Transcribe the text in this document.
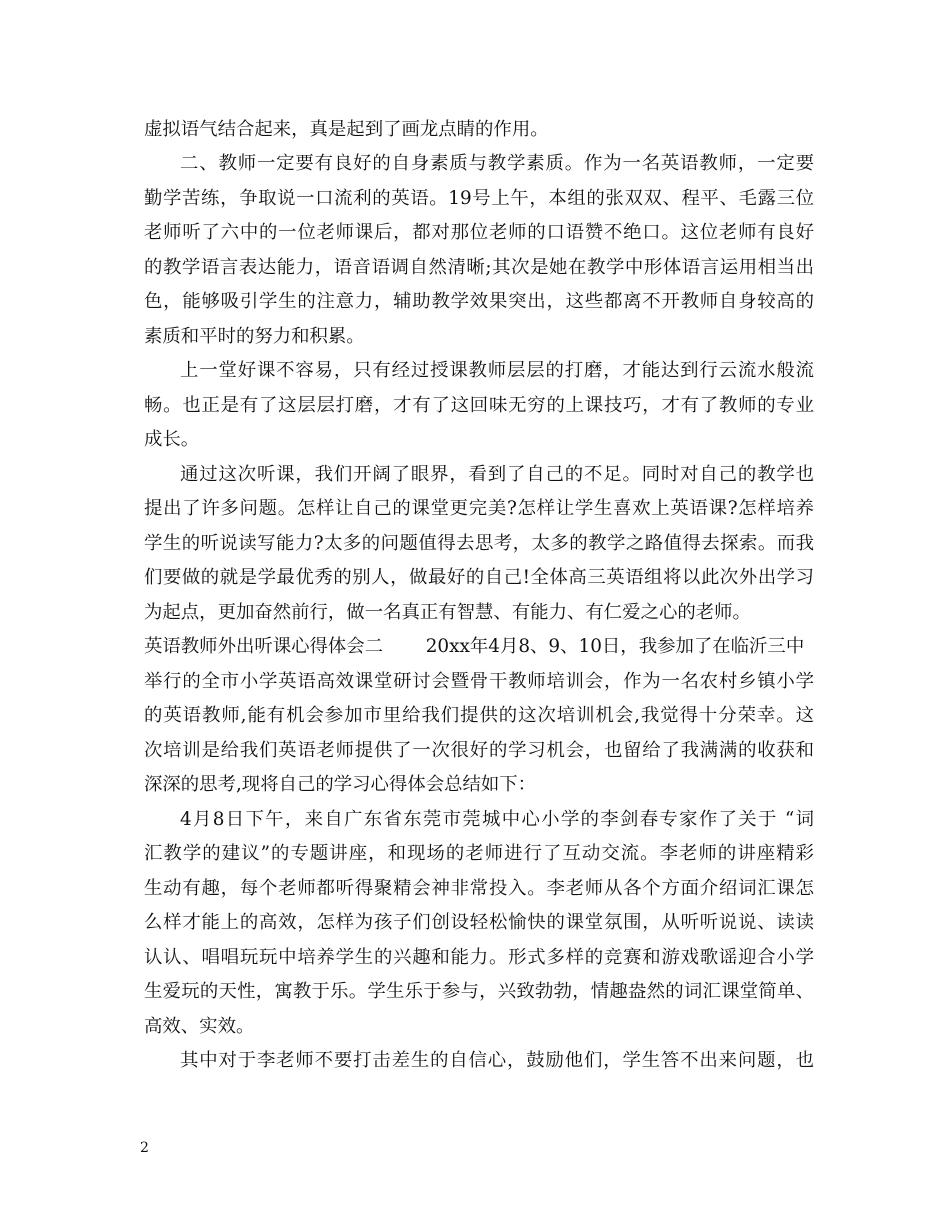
虚拟语气结合起来，真是起到了画龙点睛的作用。
二、教师一定要有良好的自身素质与教学素质。作为一名英语教师，一定要
勤学苦练，争取说一口流利的英语。19号上午，本组的张双双、程平、毛露三位
老师听了六中的一位老师课后，都对那位老师的口语赞不绝口。这位老师有良好
的教学语言表达能力，语音语调自然清晰;其次是她在教学中形体语言运用相当出
色，能够吸引学生的注意力，辅助教学效果突出，这些都离不开教师自身较高的
素质和平时的努力和积累。
上一堂好课不容易，只有经过授课教师层层的打磨，才能达到行云流水般流
畅。也正是有了这层层打磨，才有了这回味无穷的上课技巧，才有了教师的专业
成长。
通过这次听课，我们开阔了眼界，看到了自己的不足。同时对自己的教学也
提出了许多问题。怎样让自己的课堂更完美?怎样让学生喜欢上英语课?怎样培养
学生的听说读写能力?太多的问题值得去思考，太多的教学之路值得去探索。而我
们要做的就是学最优秀的别人，做最好的自己!全体高三英语组将以此次外出学习
为起点，更加奋然前行，做一名真正有智慧、有能力、有仁爱之心的老师。
英语教师外出听课心得体会二　　 20xx年4月8、9、10日，我参加了在临沂三中
举行的全市小学英语高效课堂研讨会暨骨干教师培训会，作为一名农村乡镇小学
的英语教师,能有机会参加市里给我们提供的这次培训机会,我觉得十分荣幸。这
次培训是给我们英语老师提供了一次很好的学习机会，也留给了我满满的收获和
深深的思考,现将自己的学习心得体会总结如下：
4月8日下午，来自广东省东莞市莞城中心小学的李剑春专家作了关于 “词
汇教学的建议”的专题讲座，和现场的老师进行了互动交流。李老师的讲座精彩
生动有趣，每个老师都听得聚精会神非常投入。李老师从各个方面介绍词汇课怎
么样才能上的高效，怎样为孩子们创设轻松愉快的课堂氛围，从听听说说、读读
认认、唱唱玩玩中培养学生的兴趣和能力。形式多样的竞赛和游戏歌谣迎合小学
生爱玩的天性，寓教于乐。学生乐于参与，兴致勃勃，情趣盎然的词汇课堂简单、
高效、实效。
其中对于李老师不要打击差生的自信心，鼓励他们，学生答不出来问题，也
2
